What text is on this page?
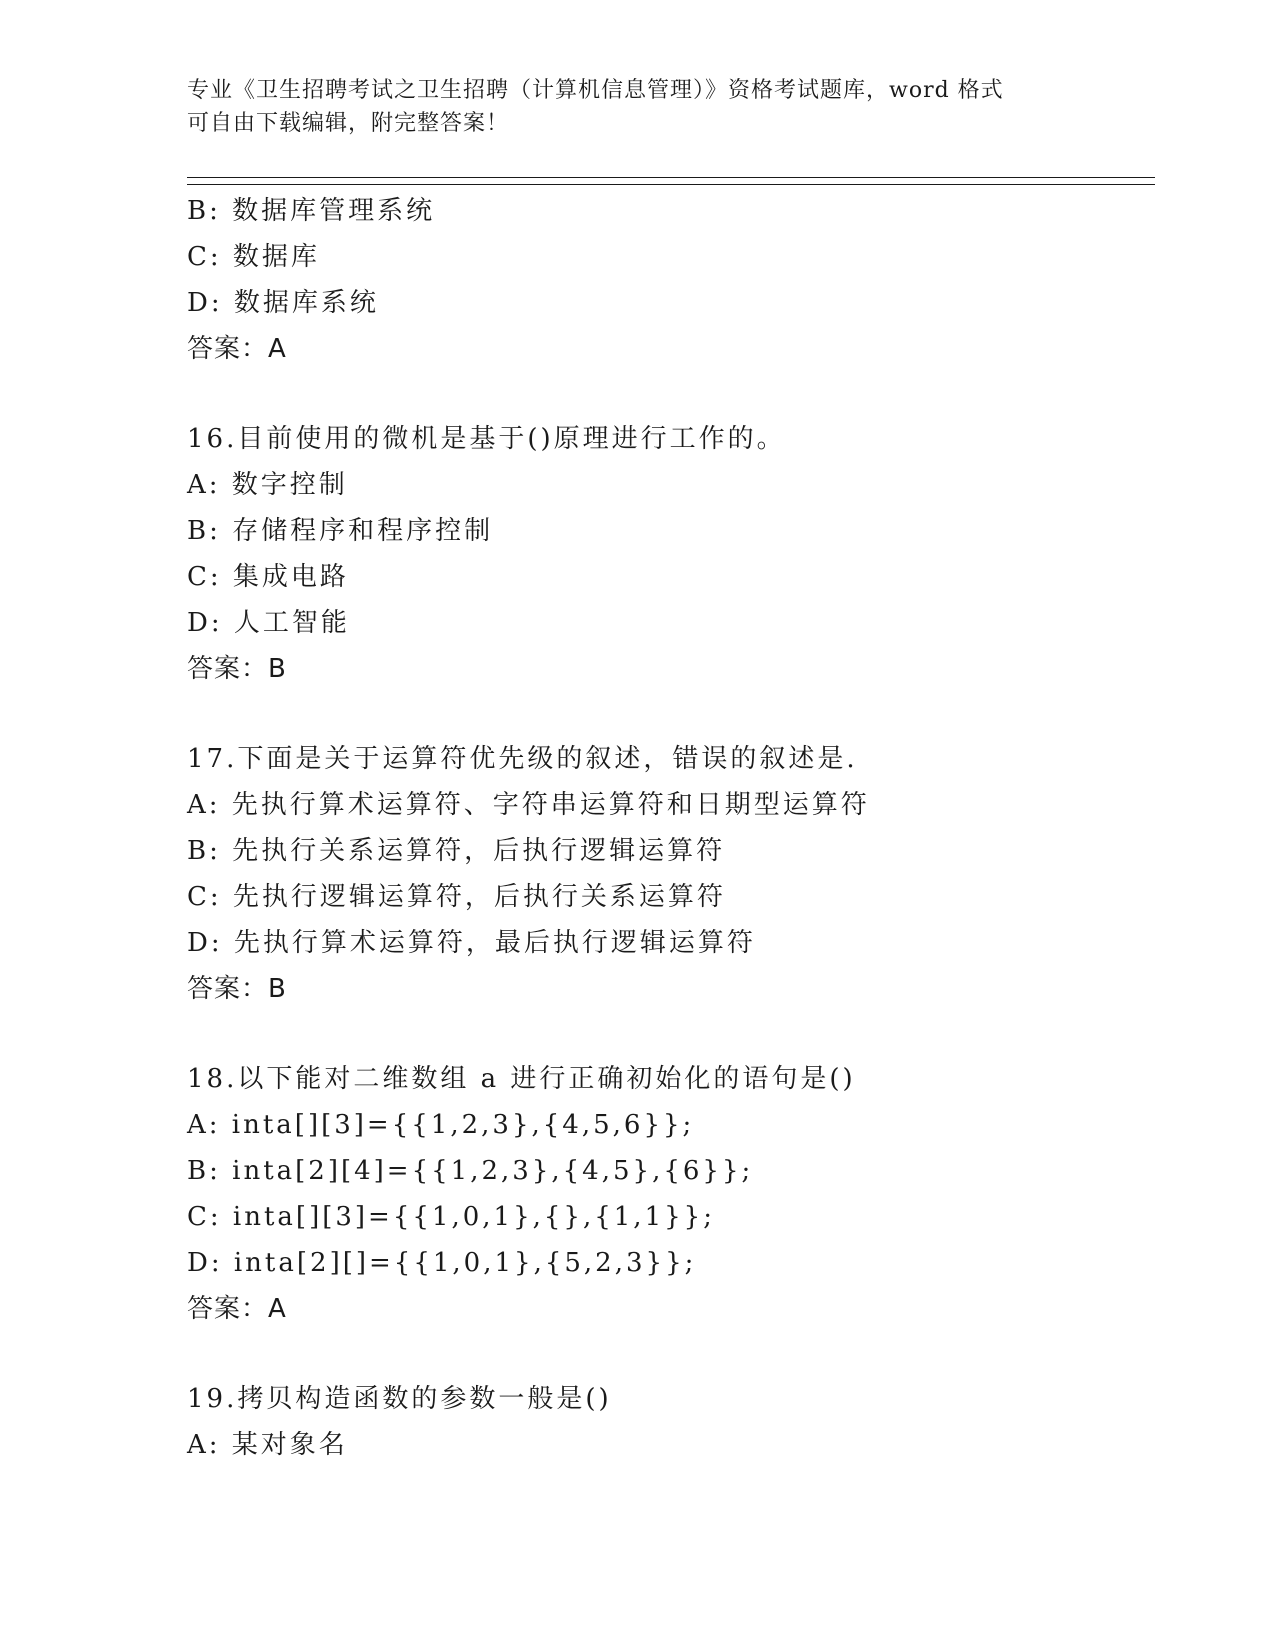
专业《卫生招聘考试之卫生招聘（计算机信息管理）》资格考试题库，word 格式
可自由下载编辑，附完整答案！
B: 数据库管理系统
C: 数据库
D: 数据库系统
答案：A
16.目前使用的微机是基于()原理进行工作的。
A: 数字控制
B: 存储程序和程序控制
C: 集成电路
D: 人工智能
答案：B
17.下面是关于运算符优先级的叙述，错误的叙述是.
A: 先执行算术运算符、字符串运算符和日期型运算符
B: 先执行关系运算符，后执行逻辑运算符
C: 先执行逻辑运算符，后执行关系运算符
D: 先执行算术运算符，最后执行逻辑运算符
答案：B
18.以下能对二维数组 a 进行正确初始化的语句是()
A: inta[][3]={{1,2,3},{4,5,6}};
B: inta[2][4]={{1,2,3},{4,5},{6}};
C: inta[][3]={{1,0,1},{},{1,1}};
D: inta[2][]={{1,0,1},{5,2,3}};
答案：A
19.拷贝构造函数的参数一般是()
A: 某对象名
